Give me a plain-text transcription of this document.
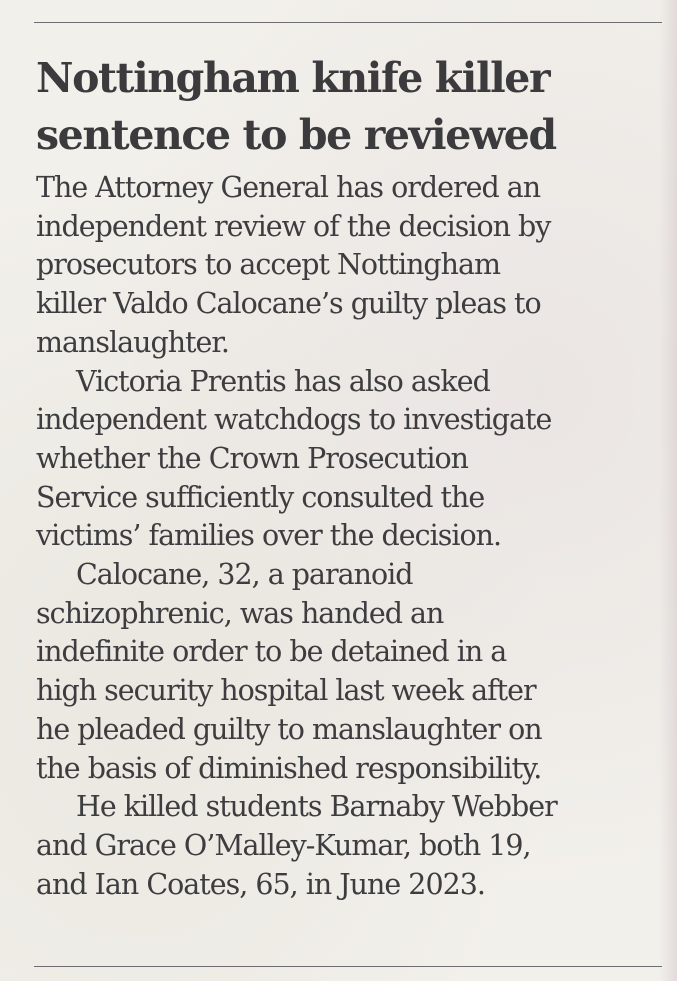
Nottingham knife killer
sentence to be reviewed

The Attorney General has ordered an
independent review of the decision by
prosecutors to accept Nottingham
killer Valdo Calocane’s guilty pleas to
manslaughter.

Victoria Prentis has also asked
independent watchdogs to investigate
whether the Crown Prosecution
Service sufficiently consulted the
victims’ families over the decision.

Calocane, 32, a paranoid
schizophrenic, was handed an
indefinite order to be detained in a
high security hospital last week after
he pleaded guilty to manslaughter on
the basis of diminished responsibility.

He killed students Barnaby Webber
and Grace O’Malley-Kumar, both 19,
and Ian Coates, 65, in June 2023.
